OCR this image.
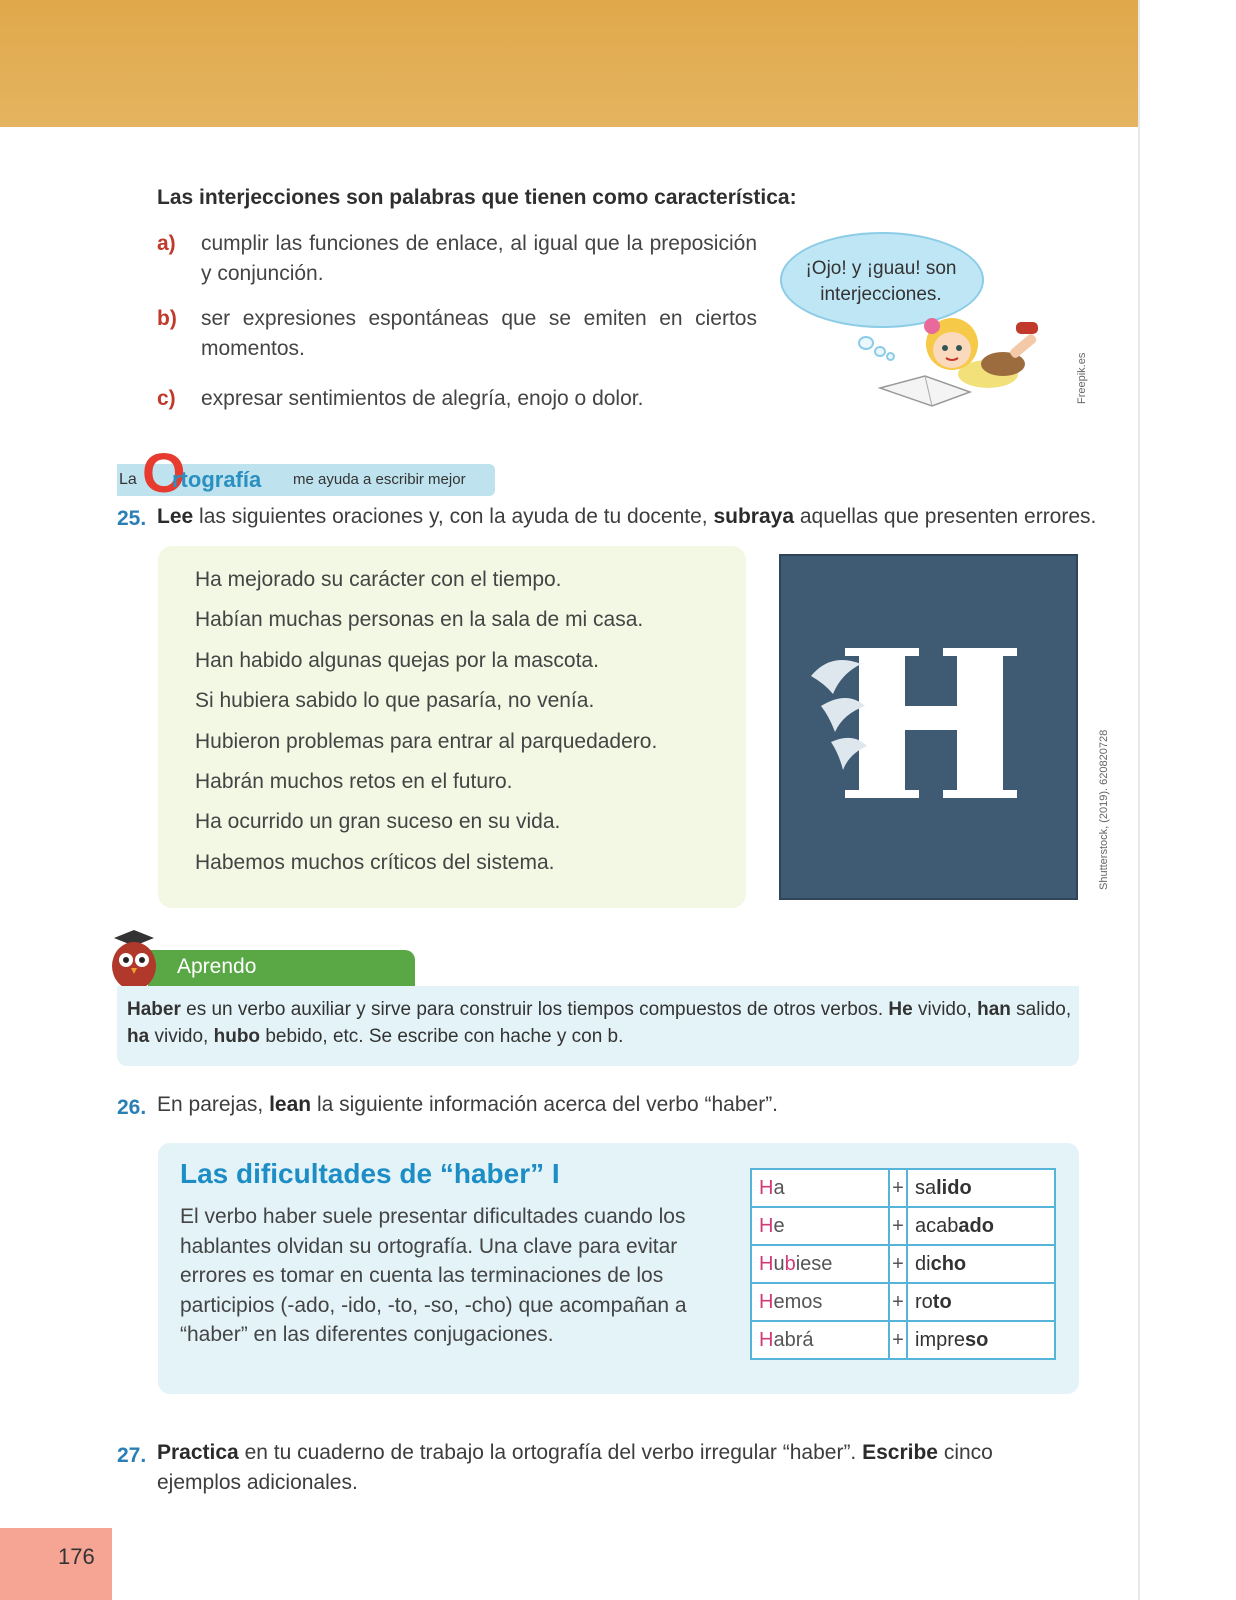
Las interjecciones son palabras que tienen como característica:
a) cumplir las funciones de enlace, al igual que la preposición y conjunción.
b) ser expresiones espontáneas que se emiten en ciertos momentos.
c) expresar sentimientos de alegría, enojo o dolor.
¡Ojo! y ¡guau! son interjecciones.
Freepik.es
La O
rtografía me ayuda a escribir mejor
25. Lee las siguientes oraciones y, con la ayuda de tu docente, subraya aquellas que presenten errores.
Ha mejorado su carácter con el tiempo.
Habían muchas personas en la sala de mi casa.
Han habido algunas quejas por la mascota.
Si hubiera sabido lo que pasaría, no venía.
Hubieron problemas para entrar al parquedadero.
Habrán muchos retos en el futuro.
Ha ocurrido un gran suceso en su vida.
Habemos muchos críticos del sistema.	Shutterstock, (2019). 620820728
Aprendo
Haber es un verbo auxiliar y sirve para construir los tiempos compuestos de otros verbos. He vivido, han salido, ha vivido, hubo bebido, etc. Se escribe con hache y con b.
26. En parejas, lean la siguiente información acerca del verbo “haber”.
Las dificultades de “haber” I
El verbo haber suele presentar dificultades cuando los hablantes olvidan su ortografía. Una clave para evitar errores es tomar en cuenta las terminaciones de los participios (-ado, -ido, -to, -so, -cho) que acompañan a “haber” en las diferentes conjugaciones.
Ha	+	salido
He	+	acabado
Hubiese	+	dicho
Hemos	+	roto
Habrá	+	impreso
27. Practica en tu cuaderno de trabajo la ortografía del verbo irregular “haber”. Escribe cinco ejemplos adicionales.
176
